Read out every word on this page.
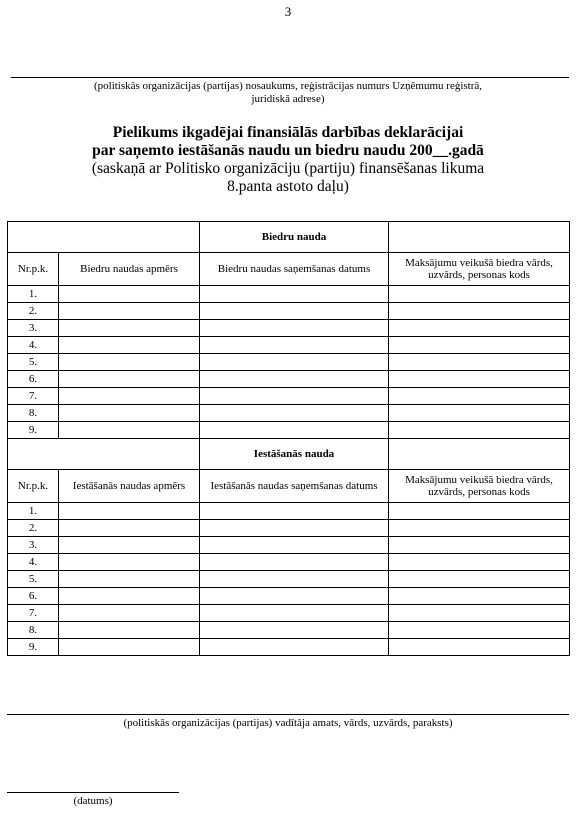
3
(politiskās organizācijas (partijas) nosaukums, reģistrācijas numurs Uzņēmumu reģistrā,
juridiskā adrese)
Pielikums ikgadējai finansiālās darbības deklarācijai
par saņemto iestāšanās naudu un biedru naudu 200__.gadā
(saskaņā ar Politisko organizāciju (partiju) finansēšanas likuma
8.panta astoto daļu)
		Biedru nauda	
Nr.p.k.	Biedru naudas apmērs	Biedru naudas saņemšanas datums	Maksājumu veikušā biedra vārds, uzvārds, personas kods
1.			
2.			
3.			
4.			
5.			
6.			
7.			
8.			
9.			
		Iestāšanās nauda	
Nr.p.k.	Iestāšanās naudas apmērs	Iestāšanās naudas saņemšanas datums	Maksājumu veikušā biedra vārds, uzvārds, personas kods
1.			
2.			
3.			
4.			
5.			
6.			
7.			
8.			
9.			
(politiskās organizācijas (partijas) vadītāja amats, vārds, uzvārds, paraksts)
(datums)
